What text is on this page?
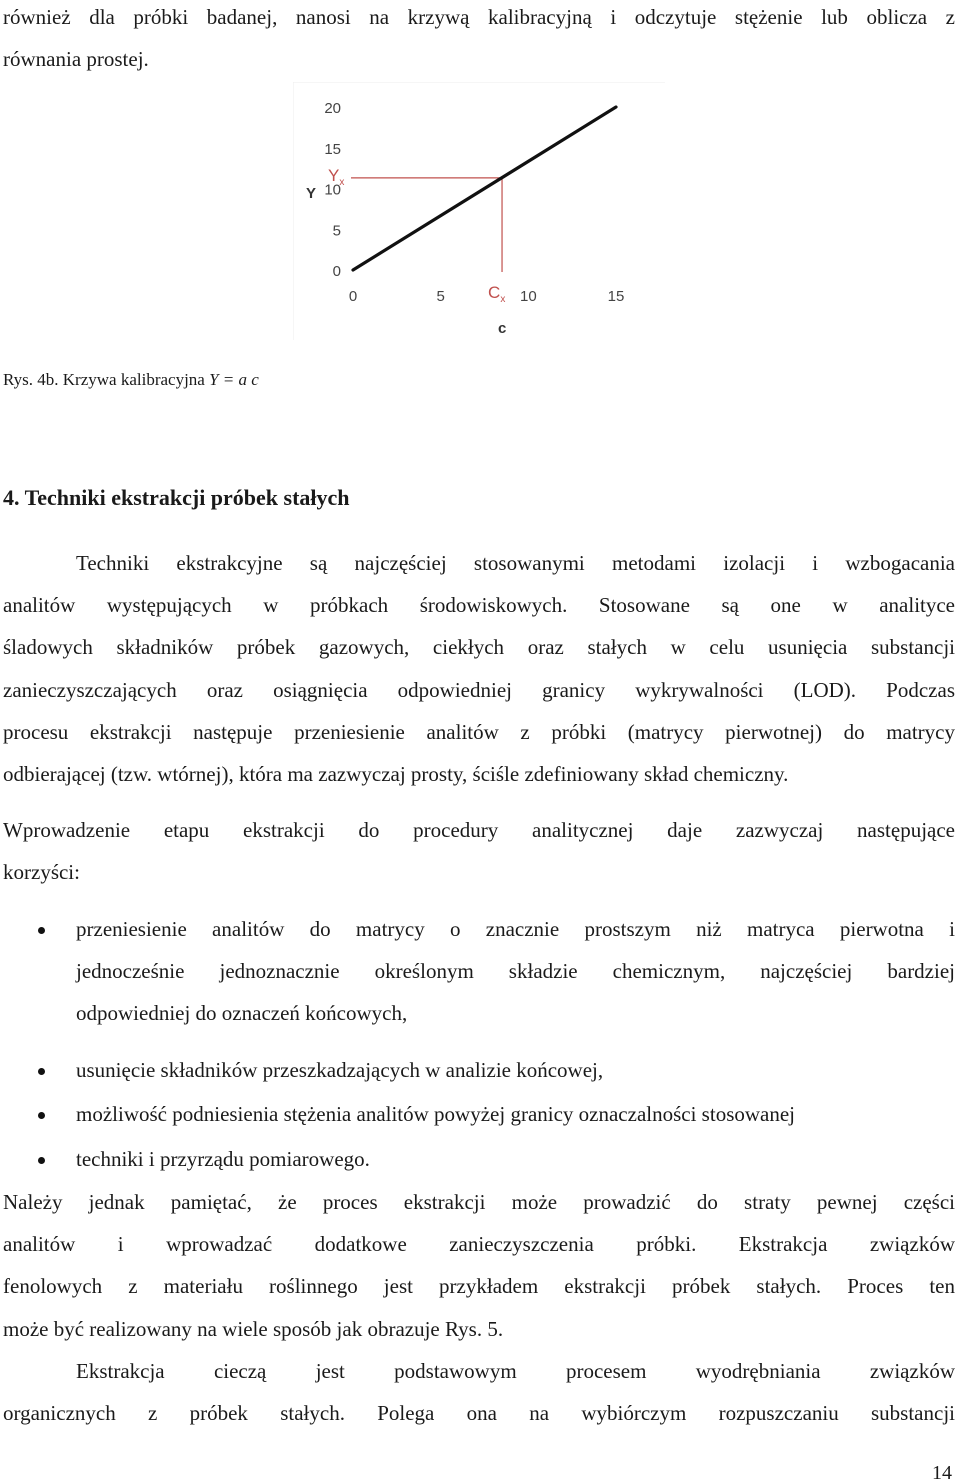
również dla próbki badanej, nanosi na krzywą kalibracyjną i odczytuje stężenie lub oblicza z
równania prostej.
0
5
10
15
20
0	5	10	15
Y
c
$Y_x$
$C_x$
Rys. 4b. Krzywa kalibracyjna Y = a c
4. Techniki ekstrakcji próbek stałych
Techniki ekstrakcyjne są najczęściej stosowanymi metodami izolacji i wzbogacania
analitów występujących w próbkach środowiskowych. Stosowane są one w analityce
śladowych składników próbek gazowych, ciekłych oraz stałych w celu usunięcia substancji
zanieczyszczających oraz osiągnięcia odpowiedniej granicy wykrywalności (LOD). Podczas
procesu ekstrakcji następuje przeniesienie analitów z próbki (matrycy pierwotnej) do matrycy
odbierającej (tzw. wtórnej), która ma zazwyczaj prosty, ściśle zdefiniowany skład chemiczny.
Wprowadzenie etapu ekstrakcji do procedury analitycznej daje zazwyczaj następujące
korzyści:
przeniesienie analitów do matrycy o znacznie prostszym niż matryca pierwotna i
jednocześnie jednoznacznie określonym składzie chemicznym, najczęściej bardziej
odpowiedniej do oznaczeń końcowych,
usunięcie składników przeszkadzających w analizie końcowej,
możliwość podniesienia stężenia analitów powyżej granicy oznaczalności stosowanej
techniki i przyrządu pomiarowego.
Należy jednak pamiętać, że proces ekstrakcji może prowadzić do straty pewnej części
analitów i wprowadzać dodatkowe zanieczyszczenia próbki. Ekstrakcja związków
fenolowych z materiału roślinnego jest przykładem ekstrakcji próbek stałych. Proces ten
może być realizowany na wiele sposób jak obrazuje Rys. 5.
Ekstrakcja cieczą jest podstawowym procesem wyodrębniania związków
organicznych z próbek stałych. Polega ona na wybiórczym rozpuszczaniu substancji
14
